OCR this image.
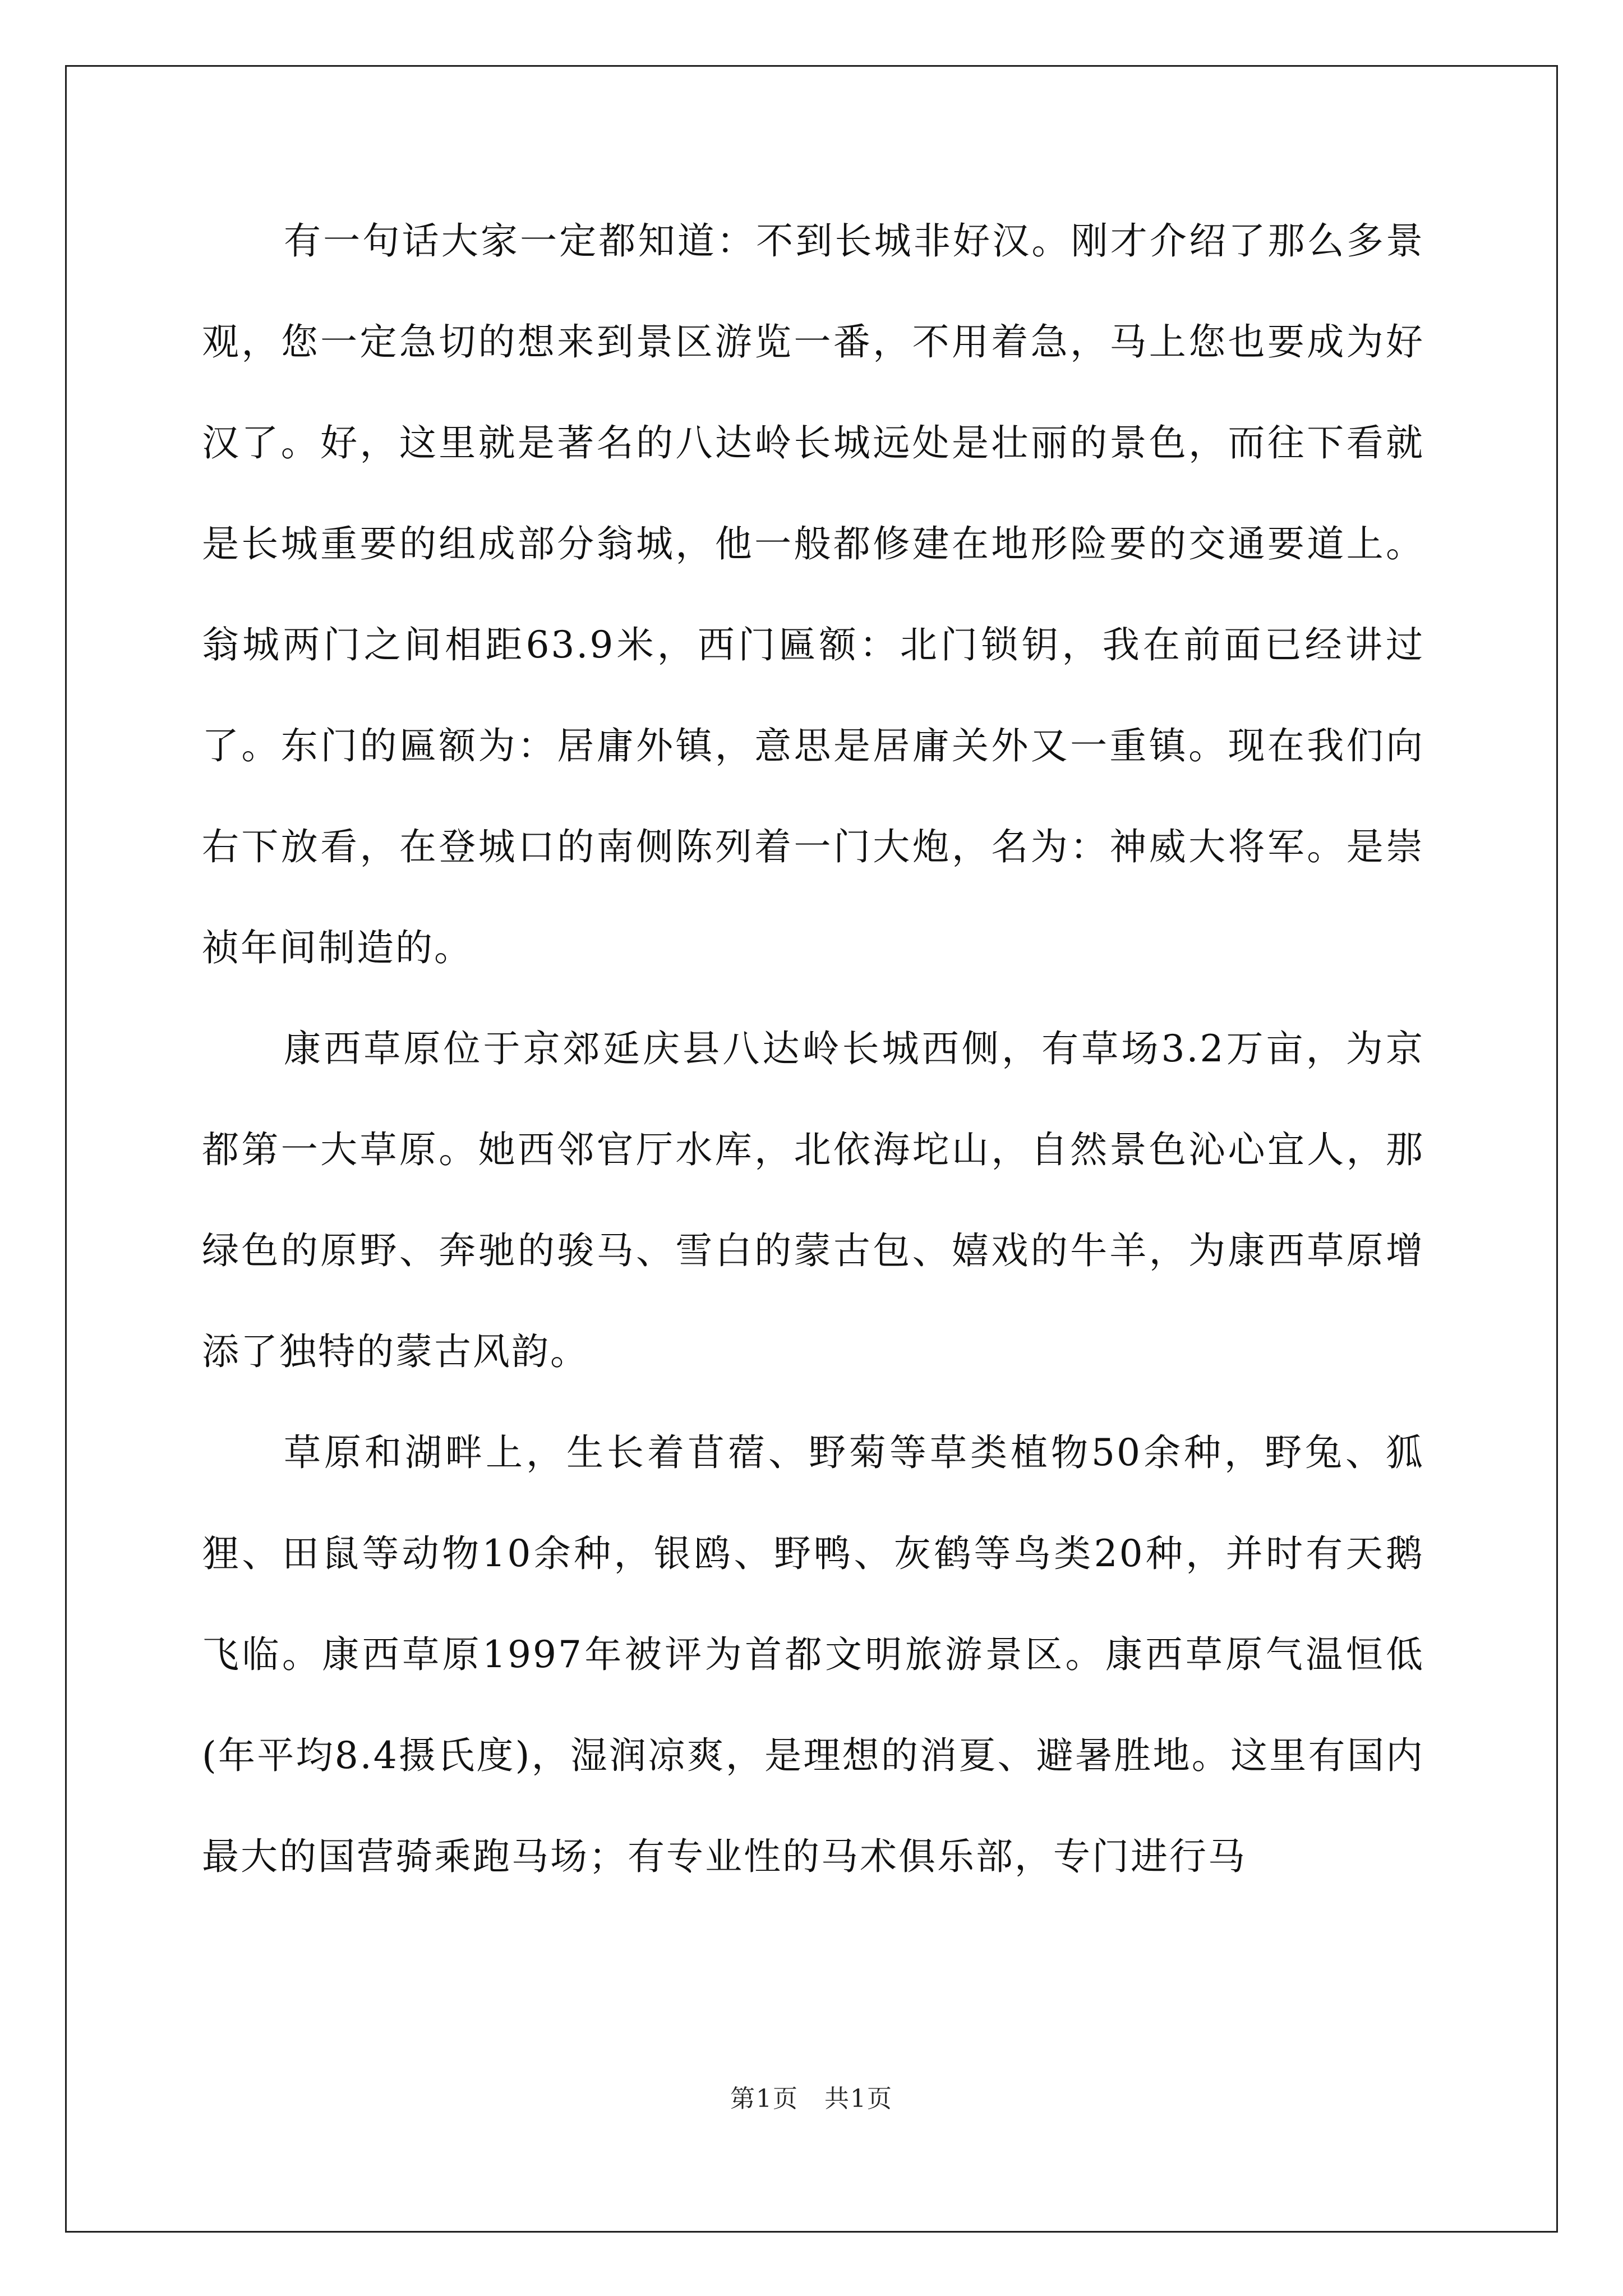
有一句话大家一定都知道：不到长城非好汉。刚才介绍了那么多景观，您一定急切的想来到景区游览一番，不用着急，马上您也要成为好汉了。好，这里就是著名的八达岭长城远处是壮丽的景色，而往下看就是长城重要的组成部分翁城，他一般都修建在地形险要的交通要道上。翁城两门之间相距63.9米，西门匾额：北门锁钥，我在前面已经讲过了。东门的匾额为：居庸外镇，意思是居庸关外又一重镇。现在我们向右下放看，在登城口的南侧陈列着一门大炮，名为：神威大将军。是崇祯年间制造的。

康西草原位于京郊延庆县八达岭长城西侧，有草场3.2万亩，为京都第一大草原。她西邻官厅水库，北依海坨山，自然景色沁心宜人，那绿色的原野、奔驰的骏马、雪白的蒙古包、嬉戏的牛羊，为康西草原增添了独特的蒙古风韵。

草原和湖畔上，生长着苜蓿、野菊等草类植物50余种，野兔、狐狸、田鼠等动物10余种，银鸥、野鸭、灰鹤等鸟类20种，并时有天鹅飞临。康西草原1997年被评为首都文明旅游景区。康西草原气温恒低(年平均8.4摄氏度)，湿润凉爽，是理想的消夏、避暑胜地。这里有国内最大的国营骑乘跑马场；有专业性的马术俱乐部，专门进行马

第1页　共1页
